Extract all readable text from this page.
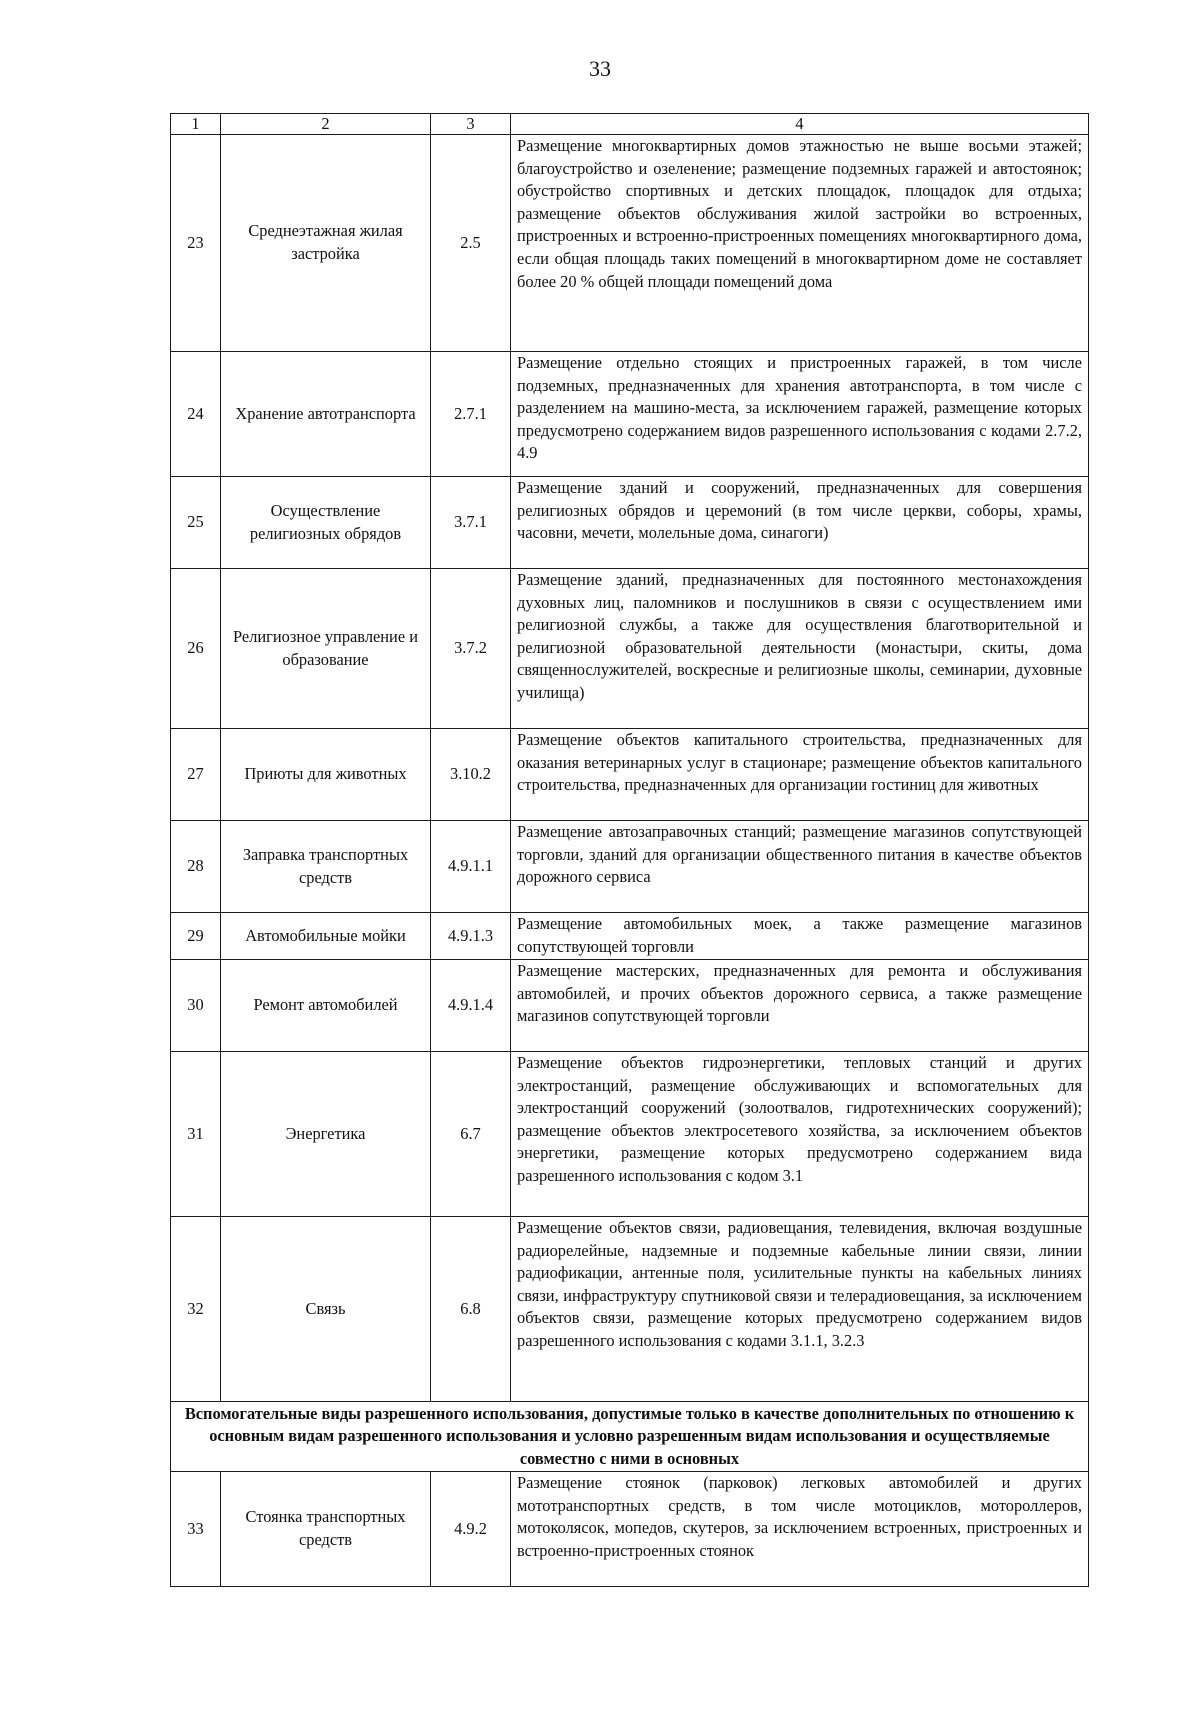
33
1	2	3	4
23	Среднеэтажная жилая застройка	2.5	Размещение многоквартирных домов этажностью не выше восьми этажей; благоустройство и озеленение; размещение подземных гаражей и автостоянок; обустройство спортивных и детских площадок, площадок для отдыха; размещение объектов обслуживания жилой застройки во встроенных, пристроенных и встроенно-пристроенных помещениях многоквартирного дома, если общая площадь таких помещений в многоквартирном доме не составляет более 20 % общей площади помещений дома
24	Хранение автотранспорта	2.7.1	Размещение отдельно стоящих и пристроенных гаражей, в том числе подземных, предназначенных для хранения автотранспорта, в том числе с разделением на машино-места, за исключением гаражей, размещение которых предусмотрено содержанием видов разрешенного использования с кодами 2.7.2, 4.9
25	Осуществление религиозных обрядов	3.7.1	Размещение зданий и сооружений, предназначенных для совершения религиозных обрядов и церемоний (в том числе церкви, соборы, храмы, часовни, мечети, молельные дома, синагоги)
26	Религиозное управление и образование	3.7.2	Размещение зданий, предназначенных для постоянного местонахождения духовных лиц, паломников и послушников в связи с осуществлением ими религиозной службы, а также для осуществления благотворительной и религиозной образовательной деятельности (монастыри, скиты, дома священнослужителей, воскресные и религиозные школы, семинарии, духовные училища)
27	Приюты для животных	3.10.2	Размещение объектов капитального строительства, предназначенных для оказания ветеринарных услуг в стационаре; размещение объектов капитального строительства, предназначенных для организации гостиниц для животных
28	Заправка транспортных средств	4.9.1.1	Размещение автозаправочных станций; размещение магазинов сопутствующей торговли, зданий для организации общественного питания в качестве объектов дорожного сервиса
29	Автомобильные мойки	4.9.1.3	Размещение автомобильных моек, а также размещение магазинов сопутствующей торговли
30	Ремонт автомобилей	4.9.1.4	Размещение мастерских, предназначенных для ремонта и обслуживания автомобилей, и прочих объектов дорожного сервиса, а также размещение магазинов сопутствующей торговли
31	Энергетика	6.7	Размещение объектов гидроэнергетики, тепловых станций и других электростанций, размещение обслуживающих и вспомогательных для электростанций сооружений (золоотвалов, гидротехнических сооружений); размещение объектов электросетевого хозяйства, за исключением объектов энергетики, размещение которых предусмотрено содержанием вида разрешенного использования с кодом 3.1
32	Связь	6.8	Размещение объектов связи, радиовещания, телевидения, включая воздушные радиорелейные, надземные и подземные кабельные линии связи, линии радиофикации, антенные поля, усилительные пункты на кабельных линиях связи, инфраструктуру спутниковой связи и телерадиовещания, за исключением объектов связи, размещение которых предусмотрено содержанием видов разрешенного использования с кодами 3.1.1, 3.2.3
Вспомогательные виды разрешенного использования, допустимые только в качестве дополнительных по отношению к основным видам разрешенного использования и условно разрешенным видам использования и осуществляемые совместно с ними в основных			
33	Стоянка транспортных средств	4.9.2	Размещение стоянок (парковок) легковых автомобилей и других мототранспортных средств, в том числе мотоциклов, мотороллеров, мотоколясок, мопедов, скутеров, за исключением встроенных, пристроенных и встроенно-пристроенных стоянок
